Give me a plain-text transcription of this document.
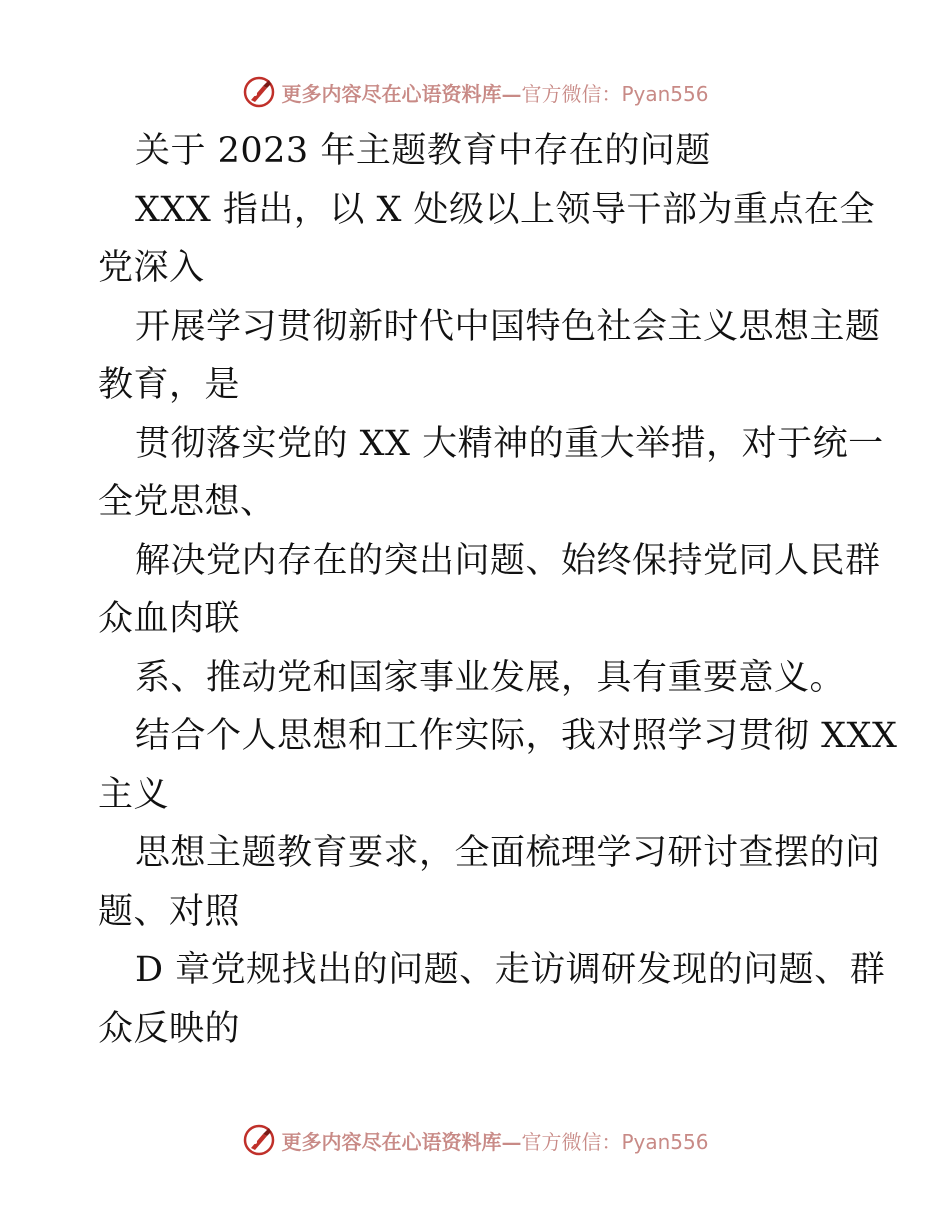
更多内容尽在心语资料库— 官方微信：Pyan556
关于 2023 年主题教育中存在的问题
XXX 指出，以 X 处级以上领导干部为重点在全
党深入
开展学习贯彻新时代中国特色社会主义思想主题
教育，是
贯彻落实党的 XX 大精神的重大举措，对于统一
全党思想、
解决党内存在的突出问题、始终保持党同人民群
众血肉联
系、推动党和国家事业发展，具有重要意义。
结合个人思想和工作实际，我对照学习贯彻 XXX
主义
思想主题教育要求，全面梳理学习研讨查摆的问
题、对照
D 章党规找出的问题、走访调研发现的问题、群
众反映的
更多内容尽在心语资料库— 官方微信：Pyan556
